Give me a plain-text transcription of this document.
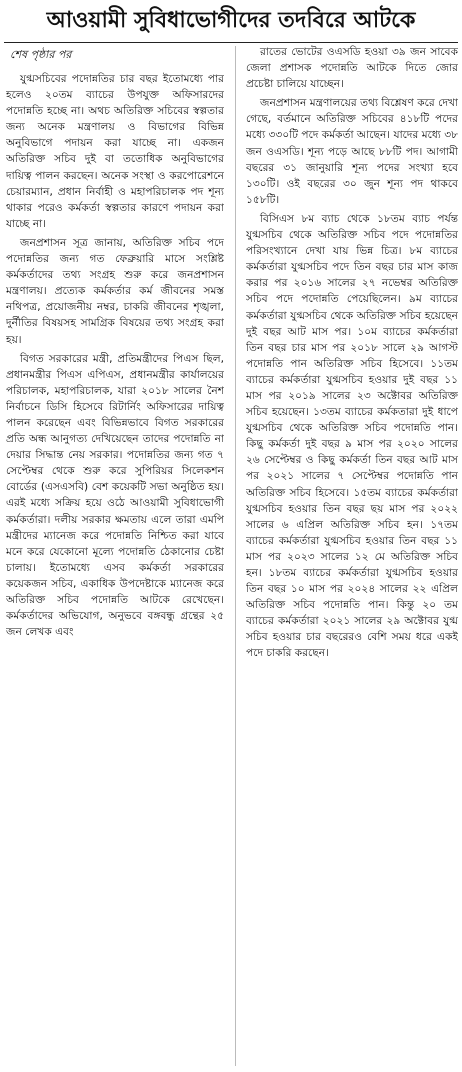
আওয়ামী সুবিধাভোগীদের তদবিরে আটকে
শেষ পৃষ্ঠার পর

যুগ্মসচিবের পদোন্নতির চার বছর ইতোমধ্যে পার হলেও ২০তম ব্যাচের উপযুক্ত অফিসারদের পদোন্নতি হচ্ছে না। অথচ অতিরিক্ত সচিবের স্বল্পতার জন্য অনেক মন্ত্রণালয় ও বিভাগের বিভিন্ন অনুবিভাগে পদায়ন করা যাচ্ছে না। একজন অতিরিক্ত সচিব দুই বা ততোধিক অনুবিভাগের দায়িত্ব পালন করছেন। অনেক সংস্থা ও করপোরেশনে চেয়ারম্যান, প্রধান নির্বাহী ও মহাপরিচালক পদ শূন্য থাকার পরেও কর্মকর্তা স্বল্পতার কারণে পদায়ন করা যাচ্ছে না।

জনপ্রশাসন সূত্র জানায়, অতিরিক্ত সচিব পদে পদোন্নতির জন্য গত ফেব্রুয়ারি মাসে সংশ্লিষ্ট কর্মকর্তাদের তথ্য সংগ্রহ শুরু করে জনপ্রশাসন মন্ত্রণালয়। প্রত্যেক কর্মকর্তার কর্ম জীবনের সমস্ত নথিপত্র, প্রয়োজনীয় নম্বর, চাকরি জীবনের শৃঙ্খলা, দুর্নীতির বিষয়সহ সামগ্রিক বিষয়ের তথ্য সংগ্রহ করা হয়।

বিগত সরকারের মন্ত্রী, প্রতিমন্ত্রীদের পিএস ছিল, প্রধানমন্ত্রীর পিএস এপিএস, প্রধানমন্ত্রীর কার্যালয়ের পরিচালক, মহাপরিচালক, যারা ২০১৮ সালের নৈশ নির্বাচনে ডিসি হিসেবে রিটার্নিং অফিসারের দায়িত্ব পালন করেছেন এবং বিভিন্নভাবে বিগত সরকারের প্রতি অন্ধ আনুগত্য দেখিয়েছেন তাদের পদোন্নতি না দেয়ার সিদ্ধান্ত নেয় সরকার। পদোন্নতির জন্য গত ৭ সেপ্টেম্বর থেকে শুরু করে সুপিরিয়র সিলেকশন বোর্ডের (এসএসবি) বেশ কয়েকটি সভা অনুষ্ঠিত হয়। এরই মধ্যে সক্রিয় হয়ে ওঠে আওয়ামী সুবিধাভোগী কর্মকর্তারা। দলীয় সরকার ক্ষমতায় এলে তারা এমপি মন্ত্রীদের ম্যানেজ করে পদোন্নতি নিশ্চিত করা যাবে মনে করে যেকোনো মূল্যে পদোন্নতি ঠেকানোর চেষ্টা চালায়। ইতোমধ্যে এসব কর্মকর্তা সরকারের কয়েকজন সচিব, একাধিক উপদেষ্টাকে ম্যানেজ করে অতিরিক্ত সচিব পদোন্নতি আটকে রেখেছেন। কর্মকর্তাদের অভিযোগ, অনুভবে বঙ্গবন্ধু গ্রন্থের ২৫ জন লেখক এবং

রাতের ভোটের ওএসডি হওয়া ৩৯ জন সাবেক জেলা প্রশাসক পদোন্নতি আটকে দিতে জোর প্রচেষ্টা চালিয়ে যাচ্ছেন।

জনপ্রশাসন মন্ত্রণালয়ের তথ্য বিশ্লেষণ করে দেখা গেছে, বর্তমানে অতিরিক্ত সচিবের ৪১৮টি পদের মধ্যে ৩৩০টি পদে কর্মকর্তা আছেন। যাদের মধ্যে ৩৮ জন ওএসডি। শূন্য পড়ে আছে ৮৮টি পদ। আগামী বছরের ৩১ জানুয়ারি শূন্য পদের সংখ্যা হবে ১৩০টি। ওই বছরের ৩০ জুন শূন্য পদ থাকবে ১৫৮টি।

বিসিএস ৮ম ব্যাচ থেকে ১৮তম ব্যাচ পর্যন্ত যুগ্মসচিব থেকে অতিরিক্ত সচিব পদে পদোন্নতির পরিসংখ্যানে দেখা যায় ভিন্ন চিত্র। ৮ম ব্যাচের কর্মকর্তারা যুগ্মসচিব পদে তিন বছর চার মাস কাজ করার পর ২০১৬ সালের ২৭ নভেম্বর অতিরিক্ত সচিব পদে পদোন্নতি পেয়েছিলেন। ৯ম ব্যাচের কর্মকর্তারা যুগ্মসচিব থেকে অতিরিক্ত সচিব হয়েছেন দুই বছর আট মাস পর। ১০ম ব্যাচের কর্মকর্তারা তিন বছর চার মাস পর ২০১৮ সালে ২৯ আগস্ট পদোন্নতি পান অতিরিক্ত সচিব হিসেবে। ১১তম ব্যাচের কর্মকর্তারা যুগ্মসচিব হওয়ার দুই বছর ১১ মাস পর ২০১৯ সালের ২৩ অক্টোবর অতিরিক্ত সচিব হয়েছেন। ১৩তম ব্যাচের কর্মকতারা দুই ধাপে যুগ্মসচিব থেকে অতিরিক্ত সচিব পদোন্নতি পান। কিছু কর্মকর্তা দুই বছর ৯ মাস পর ২০২০ সালের ২৬ সেপ্টেম্বর ও কিছু কর্মকর্তা তিন বছর আট মাস পর ২০২১ সালের ৭ সেপ্টেম্বর পদোন্নতি পান অতিরিক্ত সচিব হিসেবে। ১৫তম ব্যাচের কর্মকর্তারা যুগ্মসচিব হওয়ার তিন বছর ছয় মাস পর ২০২২ সালের ৬ এপ্রিল অতিরিক্ত সচিব হন। ১৭তম ব্যাচের কর্মকর্তারা যুগ্মসচিব হওয়ার তিন বছর ১১ মাস পর ২০২৩ সালের ১২ মে অতিরিক্ত সচিব হন। ১৮তম ব্যাচের কর্মকর্তারা যুগ্মসচিব হওয়ার তিন বছর ১০ মাস পর ২০২৪ সালের ২২ এপ্রিল অতিরিক্ত সচিব পদোন্নতি পান। কিন্তু ২০ তম ব্যাচের কর্মকর্তারা ২০২১ সালের ২৯ অক্টোবর যুগ্ম সচিব হওয়ার চার বছরেরও বেশি সময় ধরে একই পদে চাকরি করছেন।
